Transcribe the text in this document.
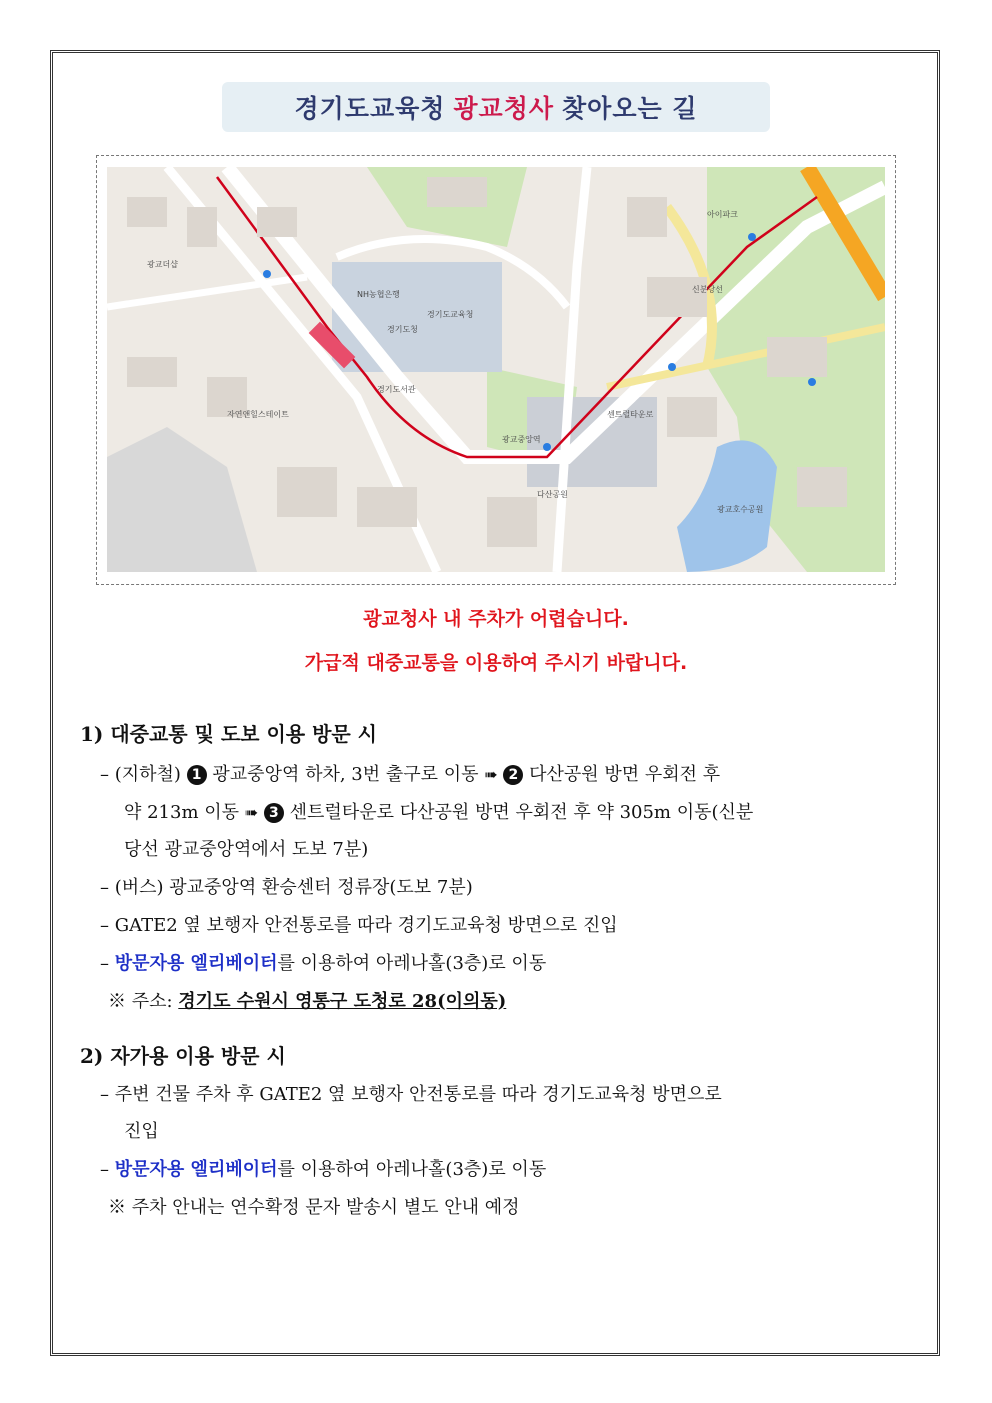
경기도교육청 광교청사 찾아오는 길
경기도청
경기도서관
NH농협은행
경기도교육청
광교중앙역
신분당선
광교호수공원
센트럴타운로
다산공원
아이파크
광교더샵
자연앤힐스테이트
광교청사 내 주차가 어렵습니다.
가급적 대중교통을 이용하여 주시기 바랍니다.
1) 대중교통 및 도보 이용 방문 시
– (지하철) 1 광교중앙역 하차, 3번 출구로 이동 ➠ 2 다산공원 방면 우회전 후
약 213m 이동 ➠ 3 센트럴타운로 다산공원 방면 우회전 후 약 305m 이동(신분
당선 광교중앙역에서 도보 7분)
– (버스) 광교중앙역 환승센터 정류장(도보 7분)
– GATE2 옆 보행자 안전통로를 따라 경기도교육청 방면으로 진입
– 방문자용 엘리베이터를 이용하여 아레나홀(3층)로 이동
※ 주소: 경기도 수원시 영통구 도청로 28(이의동)
2) 자가용 이용 방문 시
– 주변 건물 주차 후 GATE2 옆 보행자 안전통로를 따라 경기도교육청 방면으로
진입
– 방문자용 엘리베이터를 이용하여 아레나홀(3층)로 이동
※ 주차 안내는 연수확정 문자 발송시 별도 안내 예정
